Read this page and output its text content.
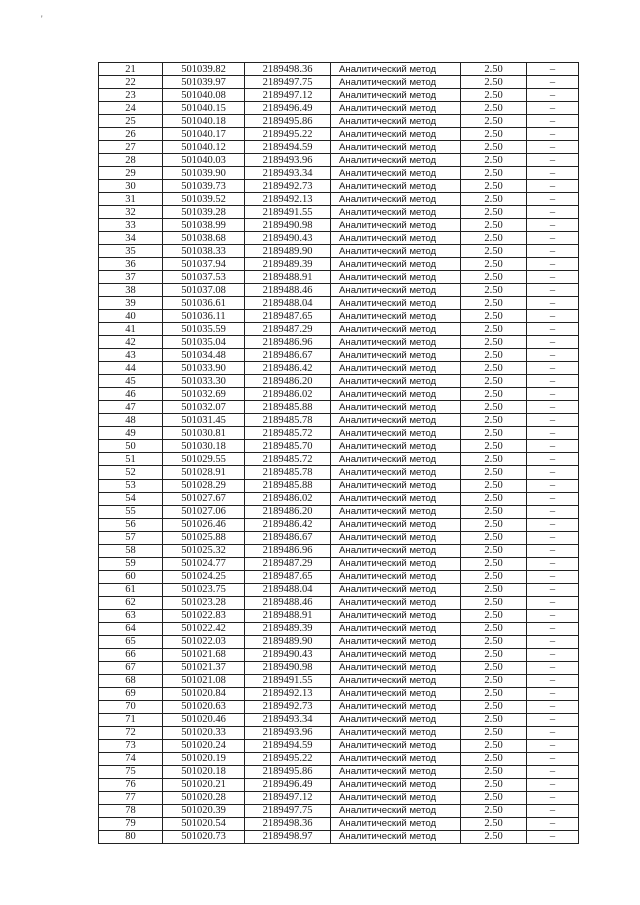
'
21	501039.82	2189498.36	Аналитический метод	2.50	–
22	501039.97	2189497.75	Аналитический метод	2.50	–
23	501040.08	2189497.12	Аналитический метод	2.50	–
24	501040.15	2189496.49	Аналитический метод	2.50	–
25	501040.18	2189495.86	Аналитический метод	2.50	–
26	501040.17	2189495.22	Аналитический метод	2.50	–
27	501040.12	2189494.59	Аналитический метод	2.50	–
28	501040.03	2189493.96	Аналитический метод	2.50	–
29	501039.90	2189493.34	Аналитический метод	2.50	–
30	501039.73	2189492.73	Аналитический метод	2.50	–
31	501039.52	2189492.13	Аналитический метод	2.50	–
32	501039.28	2189491.55	Аналитический метод	2.50	–
33	501038.99	2189490.98	Аналитический метод	2.50	–
34	501038.68	2189490.43	Аналитический метод	2.50	–
35	501038.33	2189489.90	Аналитический метод	2.50	–
36	501037.94	2189489.39	Аналитический метод	2.50	–
37	501037.53	2189488.91	Аналитический метод	2.50	–
38	501037.08	2189488.46	Аналитический метод	2.50	–
39	501036.61	2189488.04	Аналитический метод	2.50	–
40	501036.11	2189487.65	Аналитический метод	2.50	–
41	501035.59	2189487.29	Аналитический метод	2.50	–
42	501035.04	2189486.96	Аналитический метод	2.50	–
43	501034.48	2189486.67	Аналитический метод	2.50	–
44	501033.90	2189486.42	Аналитический метод	2.50	–
45	501033.30	2189486.20	Аналитический метод	2.50	–
46	501032.69	2189486.02	Аналитический метод	2.50	–
47	501032.07	2189485.88	Аналитический метод	2.50	–
48	501031.45	2189485.78	Аналитический метод	2.50	–
49	501030.81	2189485.72	Аналитический метод	2.50	–
50	501030.18	2189485.70	Аналитический метод	2.50	–
51	501029.55	2189485.72	Аналитический метод	2.50	–
52	501028.91	2189485.78	Аналитический метод	2.50	–
53	501028.29	2189485.88	Аналитический метод	2.50	–
54	501027.67	2189486.02	Аналитический метод	2.50	–
55	501027.06	2189486.20	Аналитический метод	2.50	–
56	501026.46	2189486.42	Аналитический метод	2.50	–
57	501025.88	2189486.67	Аналитический метод	2.50	–
58	501025.32	2189486.96	Аналитический метод	2.50	–
59	501024.77	2189487.29	Аналитический метод	2.50	–
60	501024.25	2189487.65	Аналитический метод	2.50	–
61	501023.75	2189488.04	Аналитический метод	2.50	–
62	501023.28	2189488.46	Аналитический метод	2.50	–
63	501022.83	2189488.91	Аналитический метод	2.50	–
64	501022.42	2189489.39	Аналитический метод	2.50	–
65	501022.03	2189489.90	Аналитический метод	2.50	–
66	501021.68	2189490.43	Аналитический метод	2.50	–
67	501021.37	2189490.98	Аналитический метод	2.50	–
68	501021.08	2189491.55	Аналитический метод	2.50	–
69	501020.84	2189492.13	Аналитический метод	2.50	–
70	501020.63	2189492.73	Аналитический метод	2.50	–
71	501020.46	2189493.34	Аналитический метод	2.50	–
72	501020.33	2189493.96	Аналитический метод	2.50	–
73	501020.24	2189494.59	Аналитический метод	2.50	–
74	501020.19	2189495.22	Аналитический метод	2.50	–
75	501020.18	2189495.86	Аналитический метод	2.50	–
76	501020.21	2189496.49	Аналитический метод	2.50	–
77	501020.28	2189497.12	Аналитический метод	2.50	–
78	501020.39	2189497.75	Аналитический метод	2.50	–
79	501020.54	2189498.36	Аналитический метод	2.50	–
80	501020.73	2189498.97	Аналитический метод	2.50	–
